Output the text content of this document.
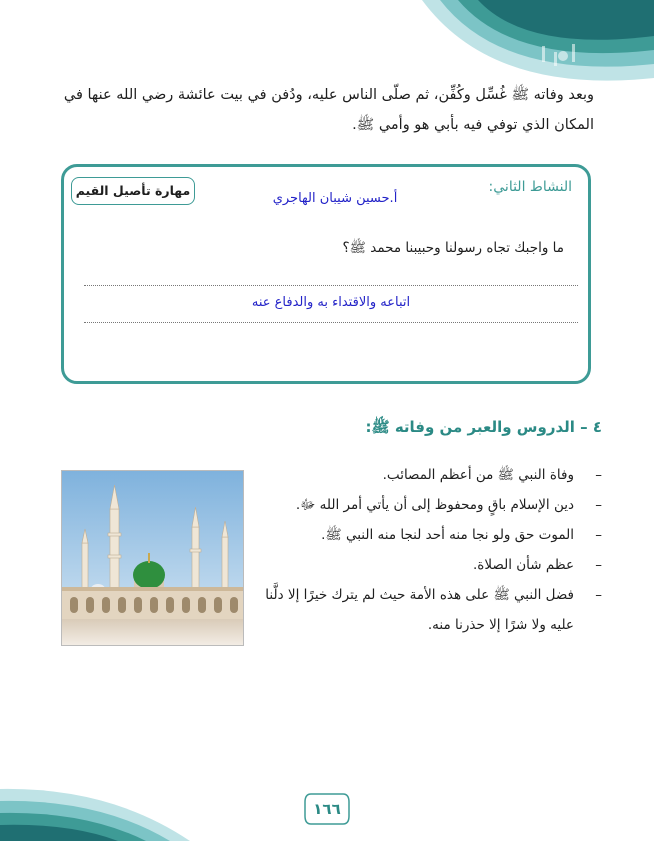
وبعد وفاته ﷺ غُسِّل وكُفِّن، ثم صلّى الناس عليه، ودُفن في بيت عائشة رضي الله عنها في المكان الذي توفي فيه بأبي هو وأمي ﷺ.
النشاط الثاني:
أ.حسين شيبان الهاجري
مهارة تأصيل القيم
ما واجبك تجاه رسولنا وحبيبنا محمد ﷺ؟
اتباعه والاقتداء به والدفاع عنه
٤ – الدروس والعبر من وفاته ﷺ:
–
وفاة النبي ﷺ من أعظم المصائب.
–
دين الإسلام باقٍ ومحفوظ إلى أن يأتي أمر الله ﷻ.
–
الموت حق ولو نجا منه أحد لنجا منه النبي ﷺ.
–
عظم شأن الصلاة.
–
فضل النبي ﷺ على هذه الأمة حيث لم يترك خيرًا إلا دلَّنا عليه ولا شرًا إلا حذرنا منه.
١٦٦
